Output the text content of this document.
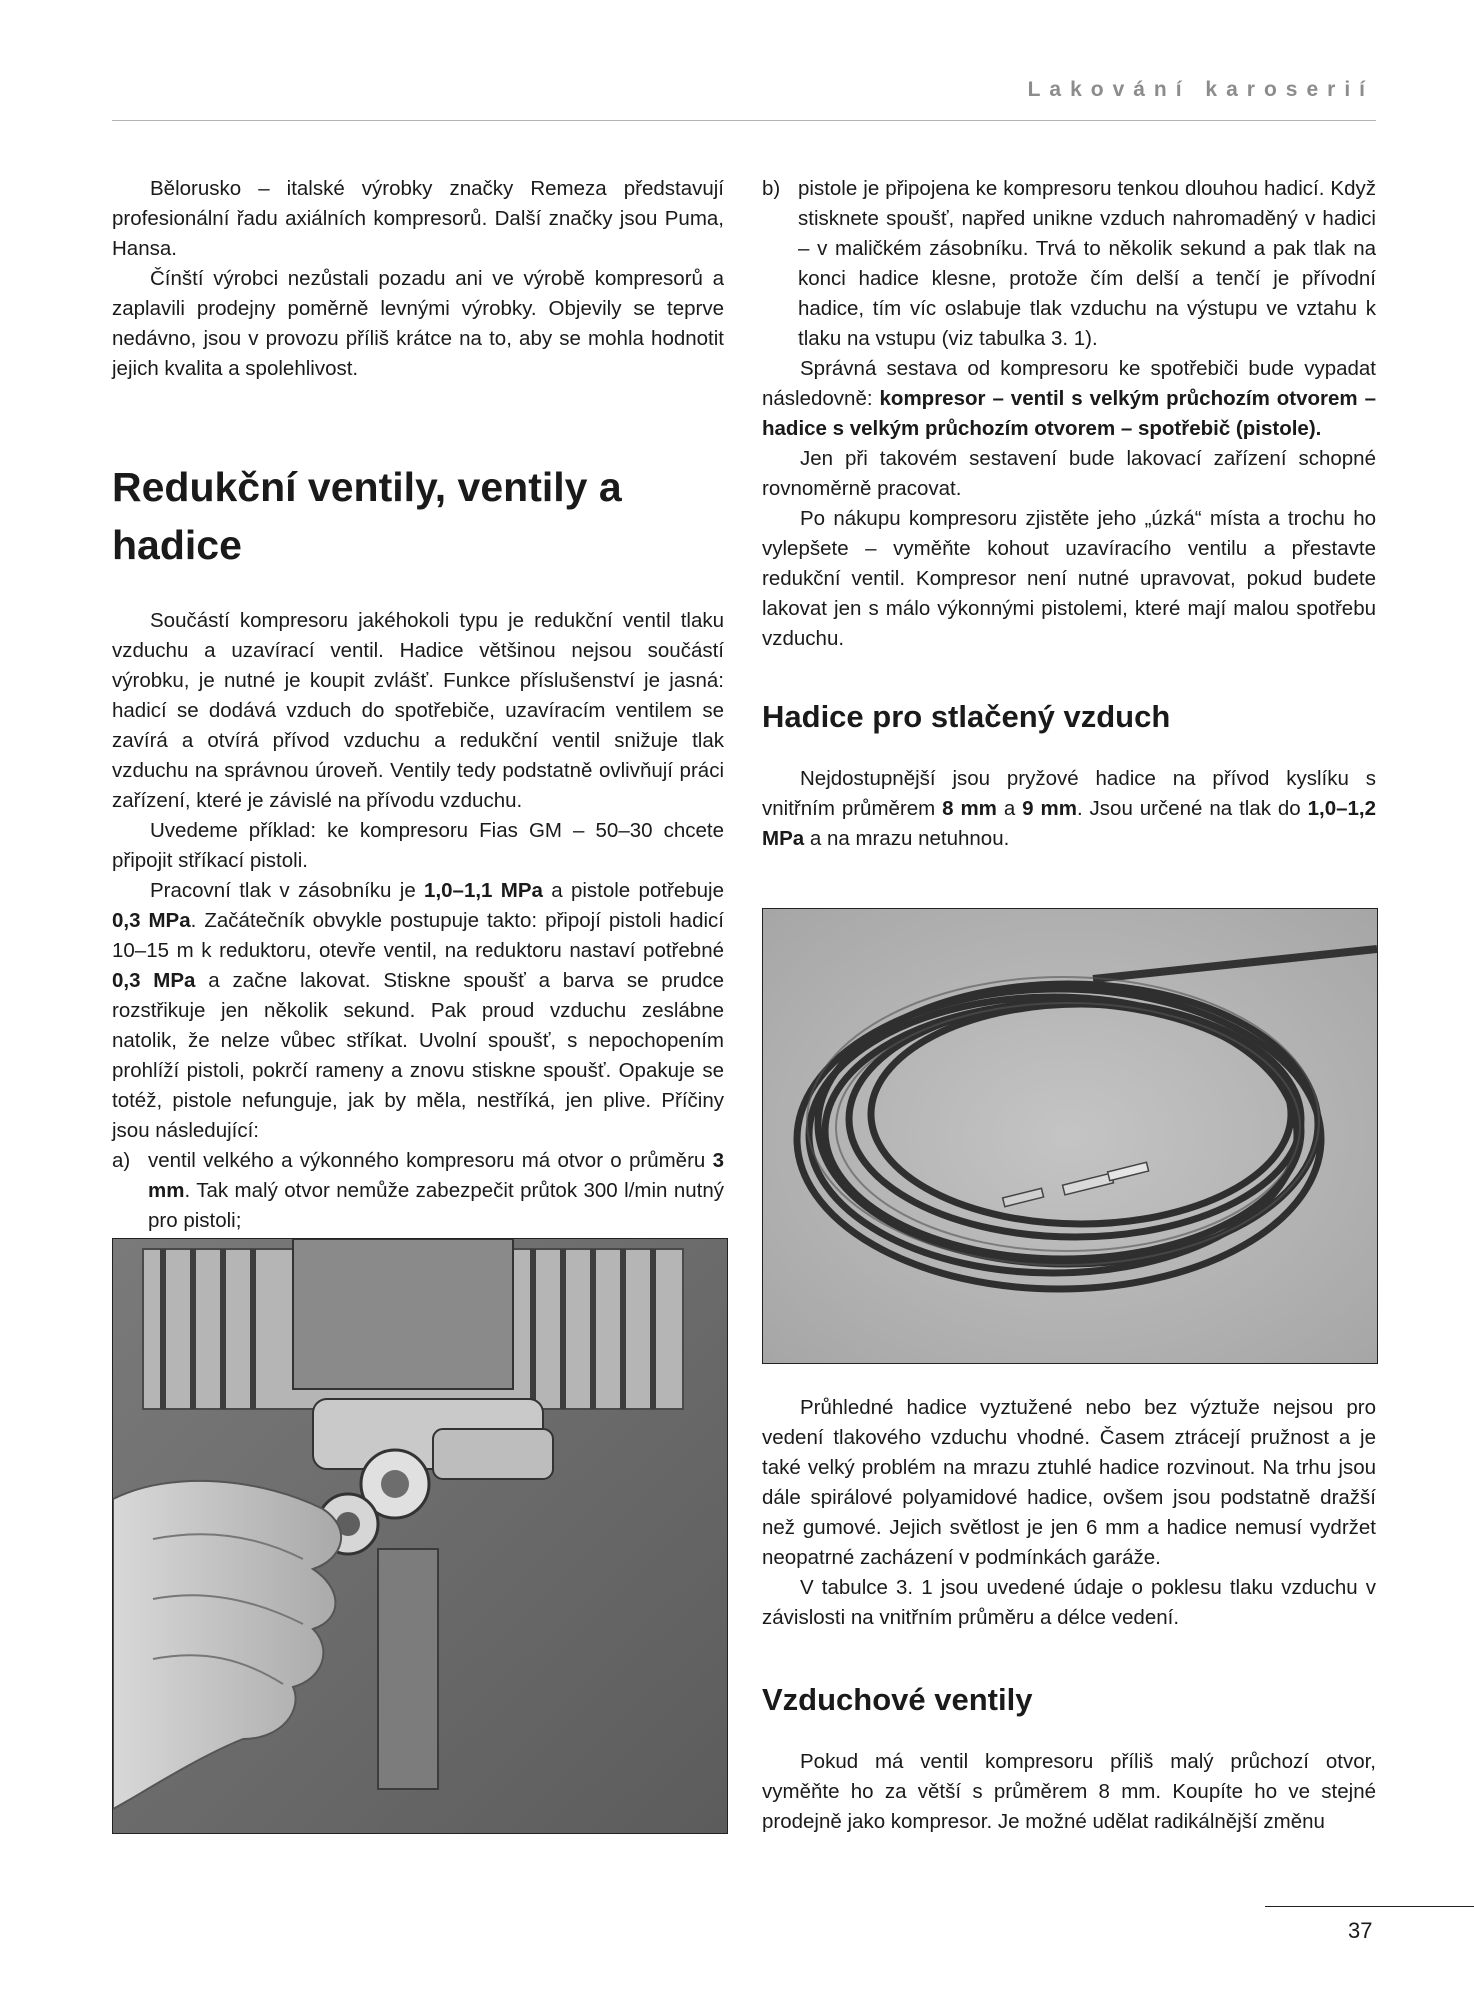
Lakování karoserií

Bělorusko – italské výrobky značky Remeza představují profesionální řadu axiálních kompresorů. Další značky jsou Puma, Hansa.

Čínští výrobci nezůstali pozadu ani ve výrobě kompresorů a zaplavili prodejny poměrně levnými výrobky. Objevily se teprve nedávno, jsou v provozu příliš krátce na to, aby se mohla hodnotit jejich kvalita a spolehlivost.

Redukční ventily, ventily a hadice

Součástí kompresoru jakéhokoli typu je redukční ventil tlaku vzduchu a uzavírací ventil. Hadice většinou nejsou součástí výrobku, je nutné je koupit zvlášť. Funkce příslušenství je jasná: hadicí se dodává vzduch do spotřebiče, uzavíracím ventilem se zavírá a otvírá přívod vzduchu a redukční ventil snižuje tlak vzduchu na správnou úroveň. Ventily tedy podstatně ovlivňují práci zařízení, které je závislé na přívodu vzduchu.

Uvedeme příklad: ke kompresoru Fias GM – 50–30 chcete připojit stříkací pistoli.

Pracovní tlak v zásobníku je 1,0–1,1 MPa a pistole potřebuje 0,3 MPa. Začátečník obvykle postupuje takto: připojí pistoli hadicí 10–15 m k reduktoru, otevře ventil, na reduktoru nastaví potřebné 0,3 MPa a začne lakovat. Stiskne spoušť a barva se prudce rozstřikuje jen několik sekund. Pak proud vzduchu zeslábne natolik, že nelze vůbec stříkat. Uvolní spoušť, s nepochopením prohlíží pistoli, pokrčí rameny a znovu stiskne spoušť. Opakuje se totéž, pistole nefunguje, jak by měla, nestříká, jen plive. Příčiny jsou následující:

a) ventil velkého a výkonného kompresoru má otvor o průměru 3 mm. Tak malý otvor nemůže zabezpečit průtok 300 l/min nutný pro pistoli;
b) pistole je připojena ke kompresoru tenkou dlouhou hadicí. Když stisknete spoušť, napřed unikne vzduch nahromaděný v hadici – v maličkém zásobníku. Trvá to několik sekund a pak tlak na konci hadice klesne, protože čím delší a tenčí je přívodní hadice, tím víc oslabuje tlak vzduchu na výstupu ve vztahu k tlaku na vstupu (viz tabulka 3. 1).

Správná sestava od kompresoru ke spotřebiči bude vypadat následovně: kompresor – ventil s velkým průchozím otvorem – hadice s velkým průchozím otvorem – spotřebič (pistole).

Jen při takovém sestavení bude lakovací zařízení schopné rovnoměrně pracovat.

Po nákupu kompresoru zjistěte jeho „úzká“ místa a trochu ho vylepšete – vyměňte kohout uzavíracího ventilu a přestavte redukční ventil. Kompresor není nutné upravovat, pokud budete lakovat jen s málo výkonnými pistolemi, které mají malou spotřebu vzduchu.

Hadice pro stlačený vzduch

Nejdostupnější jsou pryžové hadice na přívod kyslíku s vnitřním průměrem 8 mm a 9 mm. Jsou určené na tlak do 1,0–1,2 MPa a na mrazu netuhnou.

Průhledné hadice vyztužené nebo bez výztuže nejsou pro vedení tlakového vzduchu vhodné. Časem ztrácejí pružnost a je také velký problém na mrazu ztuhlé hadice rozvinout. Na trhu jsou dále spirálové polyamidové hadice, ovšem jsou podstatně dražší než gumové. Jejich světlost je jen 6 mm a hadice nemusí vydržet neopatrné zacházení v podmínkách garáže.

V tabulce 3. 1 jsou uvedené údaje o poklesu tlaku vzduchu v závislosti na vnitřním průměru a délce vedení.

Vzduchové ventily

Pokud má ventil kompresoru příliš malý průchozí otvor, vyměňte ho za větší s průměrem 8 mm. Koupíte ho ve stejné prodejně jako kompresor. Je možné udělat radikálnější změnu

37
